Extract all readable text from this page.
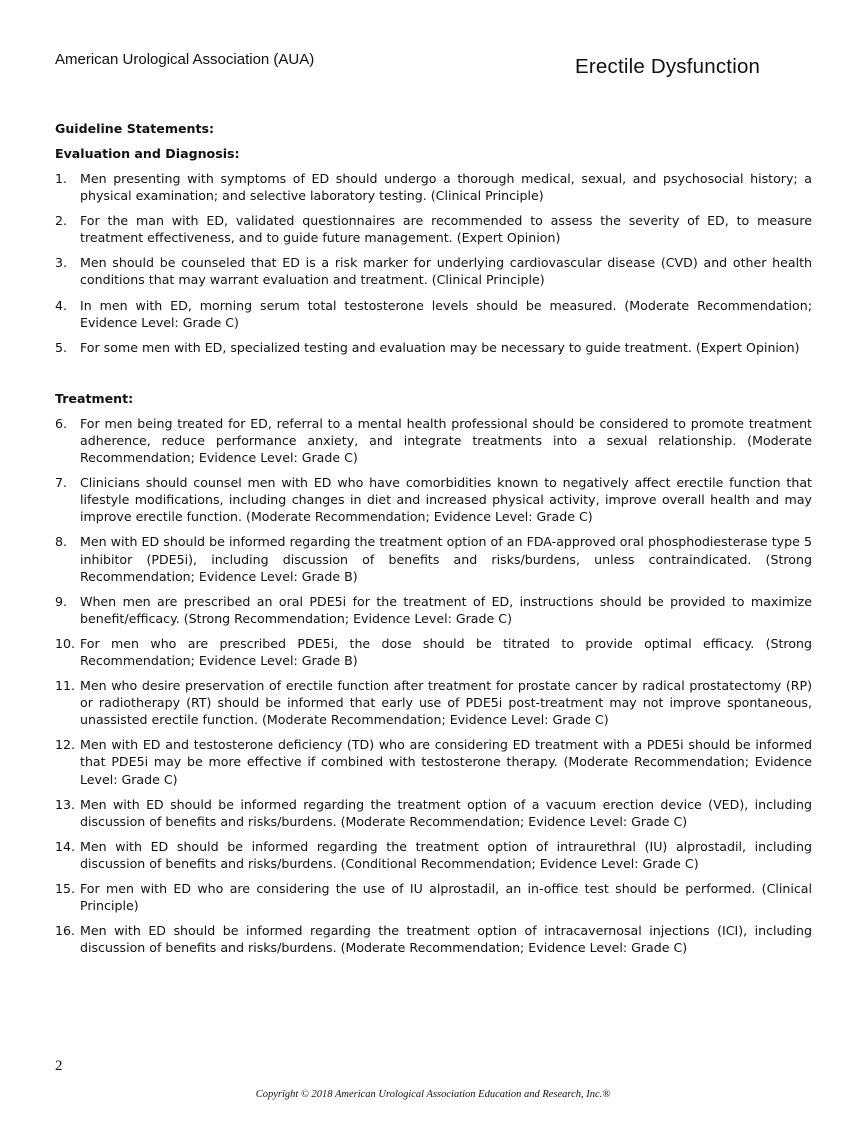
American Urological Association (AUA)	Erectile Dysfunction

Guideline Statements:

Evaluation and Diagnosis:

1. Men presenting with symptoms of ED should undergo a thorough medical, sexual, and psychosocial history; a physical examination; and selective laboratory testing. (Clinical Principle)
2. For the man with ED, validated questionnaires are recommended to assess the severity of ED, to measure treatment effectiveness, and to guide future management. (Expert Opinion)
3. Men should be counseled that ED is a risk marker for underlying cardiovascular disease (CVD) and other health conditions that may warrant evaluation and treatment. (Clinical Principle)
4. In men with ED, morning serum total testosterone levels should be measured. (Moderate Recommendation; Evidence Level: Grade C)
5. For some men with ED, specialized testing and evaluation may be necessary to guide treatment. (Expert Opinion)

Treatment:

6. For men being treated for ED, referral to a mental health professional should be considered to promote treatment adherence, reduce performance anxiety, and integrate treatments into a sexual relationship. (Moderate Recommendation; Evidence Level: Grade C)
7. Clinicians should counsel men with ED who have comorbidities known to negatively affect erectile function that lifestyle modifications, including changes in diet and increased physical activity, improve overall health and may improve erectile function. (Moderate Recommendation; Evidence Level: Grade C)
8. Men with ED should be informed regarding the treatment option of an FDA-approved oral phosphodiesterase type 5 inhibitor (PDE5i), including discussion of benefits and risks/burdens, unless contraindicated. (Strong Recommendation; Evidence Level: Grade B)
9. When men are prescribed an oral PDE5i for the treatment of ED, instructions should be provided to maximize benefit/efficacy. (Strong Recommendation; Evidence Level: Grade C)
10. For men who are prescribed PDE5i, the dose should be titrated to provide optimal efficacy. (Strong Recommendation; Evidence Level: Grade B)
11. Men who desire preservation of erectile function after treatment for prostate cancer by radical prostatectomy (RP) or radiotherapy (RT) should be informed that early use of PDE5i post-treatment may not improve spontaneous, unassisted erectile function. (Moderate Recommendation; Evidence Level: Grade C)
12. Men with ED and testosterone deficiency (TD) who are considering ED treatment with a PDE5i should be informed that PDE5i may be more effective if combined with testosterone therapy. (Moderate Recommendation; Evidence Level: Grade C)
13. Men with ED should be informed regarding the treatment option of a vacuum erection device (VED), including discussion of benefits and risks/burdens. (Moderate Recommendation; Evidence Level: Grade C)
14. Men with ED should be informed regarding the treatment option of intraurethral (IU) alprostadil, including discussion of benefits and risks/burdens. (Conditional Recommendation; Evidence Level: Grade C)
15. For men with ED who are considering the use of IU alprostadil, an in-office test should be performed. (Clinical Principle)
16. Men with ED should be informed regarding the treatment option of intracavernosal injections (ICI), including discussion of benefits and risks/burdens. (Moderate Recommendation; Evidence Level: Grade C)
2
Copyright © 2018 American Urological Association Education and Research, Inc.®
